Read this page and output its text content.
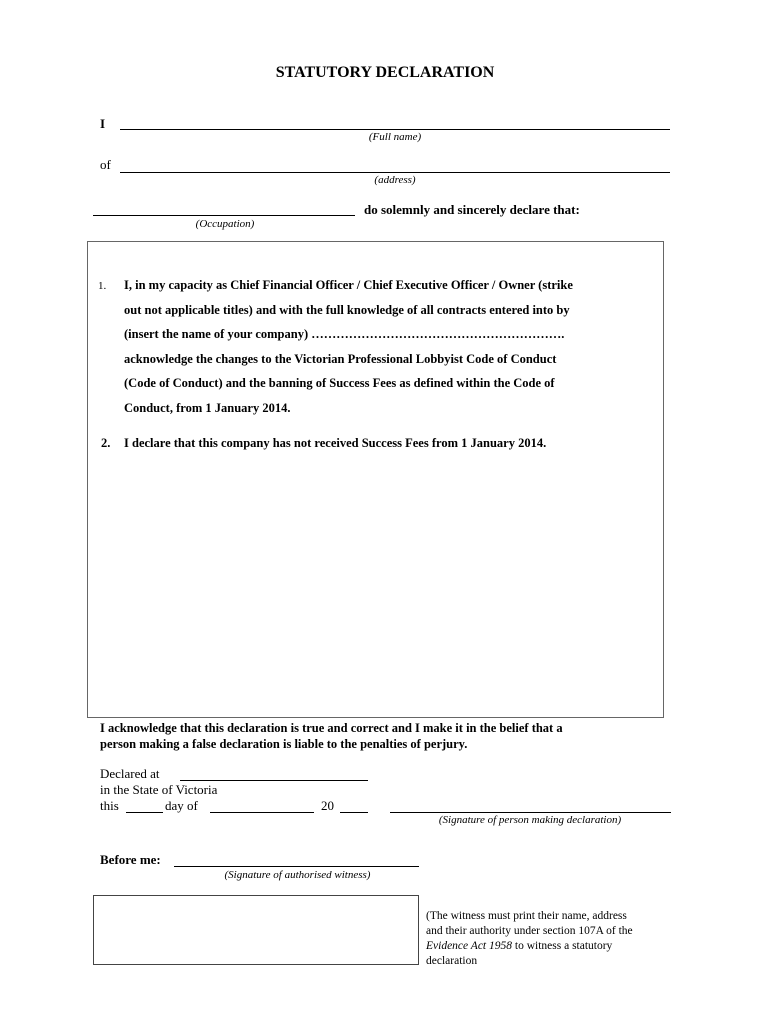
STATUTORY DECLARATION
I
(Full name)
of
(address)
do solemnly and sincerely declare that:
(Occupation)
1. I, in my capacity as Chief Financial Officer / Chief Executive Officer / Owner (strike
out not applicable titles) and with the full knowledge of all contracts entered into by
(insert the name of your company) …………………………………………………….
acknowledge the changes to the Victorian Professional Lobbyist Code of Conduct
(Code of Conduct) and the banning of Success Fees as defined within the Code of
Conduct, from 1 January 2014.
2. I declare that this company has not received Success Fees from 1 January 2014.
I acknowledge that this declaration is true and correct and I make it in the belief that a
person making a false declaration is liable to the penalties of perjury.
Declared at
in the State of Victoria
this	day of	20
(Signature of person making declaration)
Before me:
(Signature of authorised witness)
(The witness must print their name, address
and their authority under section 107A of the
Evidence Act 1958 to witness a statutory
declaration
